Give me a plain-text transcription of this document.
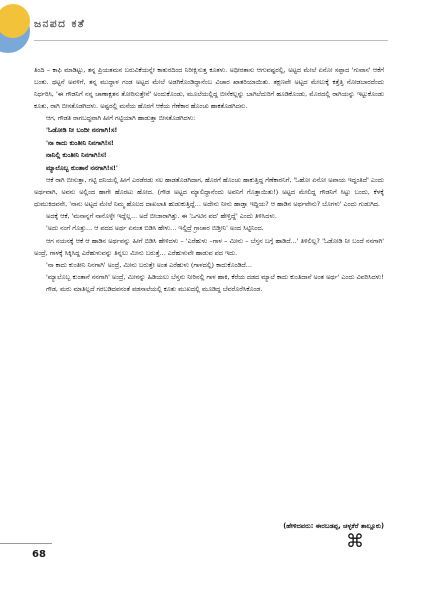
ಜನಪದ ಕತೆ

ತಿಂದಿ – ಕಾಫಿ ಮಾಡಿಟ್ಟು, ತನ್ನ ಪ್ರಿಯತಮನ ಬರುವಿಕೆಯನ್ನೇ ಕಾತುರದಿಂದ ನಿರೀಕ್ಷಿಸುತ್ತ ಕೂತಳು. ಅಧೀರತಾಸು ಆಗುವಷ್ಟರಲ್ಲಿ, ಅಟ್ಟದ ಮೇಲೆ ಏನೋ ಸಪ್ಪಾದ 'ಗುವಾಸ' ಆಕೆಗೆ ಬಂತು. ಥಟ್ಟನೆ ಅವಳಿಗೆ, ತನ್ನ ಮುದ್ದಾಳ ಗಂಡ ಅಟ್ಟದ ಮೇಲೆ ಅಡಗಿಕೊಂಡಿದ್ದಾನೆಂಬ ವಿಚಾರ ಖಾತರಿಯಾಯಿತು. ತಕ್ಷಣವೇ ಅಟ್ಟದ ಮೇಲುಕ್ಕೆ ಕತ್ತೆತ್ತಿ ನೋಡಬಾರದೆಂದು ನಿರ್ಧರಿಸಿ, 'ಈ ಗೌಡನಿಗೆ ನನ್ನ ಚಾಣಾಕ್ಷತನ ತೋರಿಸುತ್ತೇನೆ' ಅಂದುಕೊಂಡು, ಮೂಲೆಯಲ್ಲಿದ್ದ ಬೀಸೆಕಲ್ಲನ್ನು ಬಾಗಿಲೆದುರಿಗೆ ಹೂಡಿಕೊಂಡು, ಮೊರದಲ್ಲಿ ರಾಗಿಯನ್ನು ಇಟ್ಟುಕೊಂಡು ಕೂತು, ರಾಗಿ ಬೀಸತೊಡಗಿದಳು. ಅಷ್ಟರಲ್ಲಿ ಮನೆಯ ಹೊರಗೆ ಆಕೆಯ ಗೆಣೆಕಾರ ಹೊಂಚು ಹಾಕತೊಡಗಿದನು.

ಆಗ, ಗೌಡತಿ ರಾಗಬದ್ಧವಾಗಿ ಹೀಗೆ ಗಟ್ಟಿಯಾಗಿ ಹಾಡುತ್ತಾ ಬೀಸತೊಡಗಿದಳು:

'ಓಡೋಡಿ ನೀ ಬಂದೀ ನನಗಾಗಿ!ಸ!
'ನಾ ಕಾದು ಕುಂತೀನಿ ನಿನಗಾಗಿ!ಸ!
ನಾನಿಲ್ಲಿ ಕುಂತೀನಿ ನಿನಗಾಗಿ!ಸ!
ಮ್ಯಾಲೊಬ್ಬ ಕುಂತಾನೆ ನನಗಾಗಿ!ಸ!'

ಆಕೆ ರಾಗಿ ಬೀಸುತ್ತಾ, ಗಟ್ಟಿ ದನಿಯಲ್ಲಿ ಹೀಗೆ ಎರಡೆರಡು ಸಲ ಹಾಡತೊಡಗಿದಾಗ, ಹೊರಗೆ ಹೊಂಚು ಹಾಕುತ್ತಿದ್ದ ಗೆಣೆಕಾರನಿಗೆ, 'ಓಹೋ ಏನೋ ಅಪಾಯ ಇದ್ದಂತಿದೆ' ಎಂದು ಅರ್ಥವಾಗಿ, ಅವನು ಅಲ್ಲಿಂದ ಹಾಗೇ ಹೊರಟು ಹೋದ. (ಗೌಡ ಅಟ್ಟದ ಮ್ಯಾಲಿದ್ದಾನೆಂದು ಅವನಿಗೆ ಗೊತ್ತಾಯಿತು!) ಅಟ್ಟದ ಮೇಲಿದ್ದ ಗೌಡನಿಗೆ ಸಿಟ್ಟು ಬಂದು, ಕೆಳಕ್ಕೆ ಧುಮುಕಿದವನೇ, 'ನಾನು ಅಟ್ಟದ ಮೇಲೆ ನಿಮ್ಮ ಹೊಲದ ದಾಖಲಾತಿ ಹುಡುಕುತ್ತಿದ್ದೆ... ಅದೇನು ನೀನು ಹಾಡ್ತಾ ಇದ್ದಿಯ? ಆ ಹಾಡಿನ ಅರ್ಥವೇನು? ಬೊಗಳು' ಎಂದು ಗುಡುಗಿದ.

ಅದಕ್ಕೆ ಆಕೆ, 'ಮನಾನ್ನಗೆ ನಾನೊಳ್ಳೇ ಇದ್ದೆಲ್ಲ... ಅದೆ ಬೀಜಾರಾಗಿತ್ತು. ಈ 'ಒಗಟಿನ ಪದ' ಹೇಳ್ತಿದ್ದೆ' ಎಂದು ತಿಳಿಸಿದಳು.

'ಅದು ನಂಗೆ ಗೊತ್ತು... ಆ ಪದದ ಅರ್ಥ ಏನಂತ ಬಿಡಿಸಿ ಹೇಳು... ಇಲ್ದಿದ್ರೆ ಗ್ರಾಚಾರ ಬಿಡ್ತೀನಿ' ಅಂದ ಸಿಟ್ಟಿನಿಂದ.

ಆಗ ನಯನಕ್ಕೆ ಆಕೆ ಆ ಹಾಡಿನ ಅರ್ಥವನ್ನು ಹೀಗೆ ಬಿಡಿಸಿ ಹೇಳಿದಳು – 'ಎರೆಹುಳು –ಗಾಳ – ಮೀನು – ಬೆಸ್ತನ ಬಗ್ಗೆ ಹಾಡಿದೆ...' ತಿಳಿಲಿಲ್ಲ? 'ಓಡೋಡಿ ನೀ ಬಂದೆ ನನಗಾಗಿ' ಅಂದ್ರೆ, ಗಾಳಕ್ಕೆ ಸಿಕ್ಕಿಸಿದ್ದ ಎರೆಹುಳುವನ್ನು ತಿನ್ನಲು ಮೀನು ಬರುತ್ತೆ... ಎರೆಹುಳುವೇ ಹಾಡುವ ಪದ ಇದು.

'ನಾ ಕಾದು ಕುಂತೀನಿ ನಿನಗಾಗಿ' ಅಂದ್ರೆ, ಮೀನು ಬರುತ್ತೇ ಅಂತ ಎರೆಹುಳು (ಗಾಳದಲ್ಲಿ) ಕಾದುಕೊಂಡಿದೆ...

'ಮ್ಯಾಲೊಬ್ಬ ಕುಂತಾನೆ ನನಗಾಗಿ' ಅಂದ್ರೆ, ಮೀನನ್ನು ಹಿಡಿಯಲು ಬೆಸ್ತನು ನೀರಿನಲ್ಲಿ ಗಾಳ ಹಾಕಿ, ಕೆರೆಯ ದಡದ ಮ್ಯಾಲೆ ಕಾದು ಕುಂತಿದಾನೆ ಅಂತ ಅರ್ಥ' ಎಂದು ವಿವರಿಸಿದಳು!

ಗೌಡ, ಮರು ಮಾತಿಲ್ಲದೆ ಗರಬಡಿದವನಂತೆ ಪಡಸಾಲೆಯಲ್ಲಿ ಕೂತು ಮುಖದಲ್ಲಿ ಮೂಡಿದ್ದ ಬೆವರೊರೆಸಿಕೊಂಡ.

(ಹೇಳಿದವರು: ಈರಬಡಪ್ಪ, ಚಳ್ಳಕೆರೆ ತಾಲ್ಲೂಕು)
⌘
68
